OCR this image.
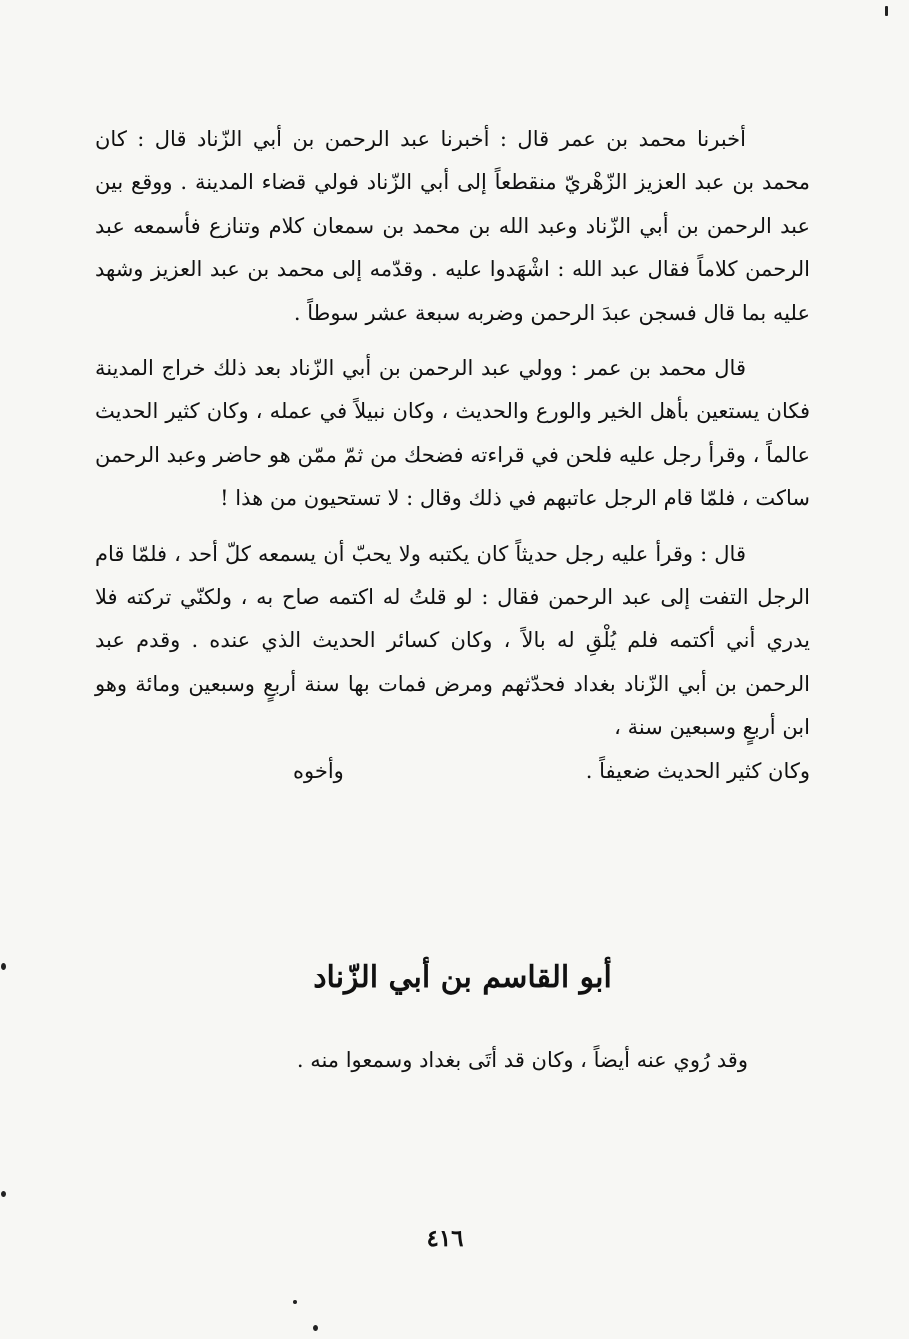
أخبرنا محمد بن عمر قال : أخبرنا عبد الرحمن بن أبي الزّناد قال : كان محمد بن عبد العزيز الزّهْريّ منقطعاً إلى أبي الزّناد فولي قضاء المدينة . ووقع بين عبد الرحمن بن أبي الزّناد وعبد الله بن محمد بن سمعان كلام وتنازع فأسمعه عبد الرحمن كلاماً فقال عبد الله : اشْهَدوا عليه . وقدّمه إلى محمد بن عبد العزيز وشهد عليه بما قال فسجن عبدَ الرحمن وضربه سبعة عشر سوطاً .

قال محمد بن عمر : وولي عبد الرحمن بن أبي الزّناد بعد ذلك خراج المدينة فكان يستعين بأهل الخير والورع والحديث ، وكان نبيلاً في عمله ، وكان كثير الحديث عالماً ، وقرأ رجل عليه فلحن في قراءته فضحك من ثمّ ممّن هو حاضر وعبد الرحمن ساكت ، فلمّا قام الرجل عاتبهم في ذلك وقال : لا تستحيون من هذا !

قال : وقرأ عليه رجل حديثاً كان يكتبه ولا يحبّ أن يسمعه كلّ أحد ، فلمّا قام الرجل التفت إلى عبد الرحمن فقال : لو قلتُ له اكتمه صاح به ، ولكنّي تركته فلا يدري أني أكتمه فلم يُلْقِ له بالاً ، وكان كسائر الحديث الذي عنده . وقدم عبد الرحمن بن أبي الزّناد بغداد فحدّثهم ومرض فمات بها سنة أربعٍ وسبعين ومائة وهو ابن أربعٍ وسبعين سنة ،
وكان كثير الحديث ضعيفاً .
وأخوه

أبو القاسم بن أبي الزّناد

وقد رُوي عنه أيضاً ، وكان قد أتَى بغداد وسمعوا منه .

٤١٦
